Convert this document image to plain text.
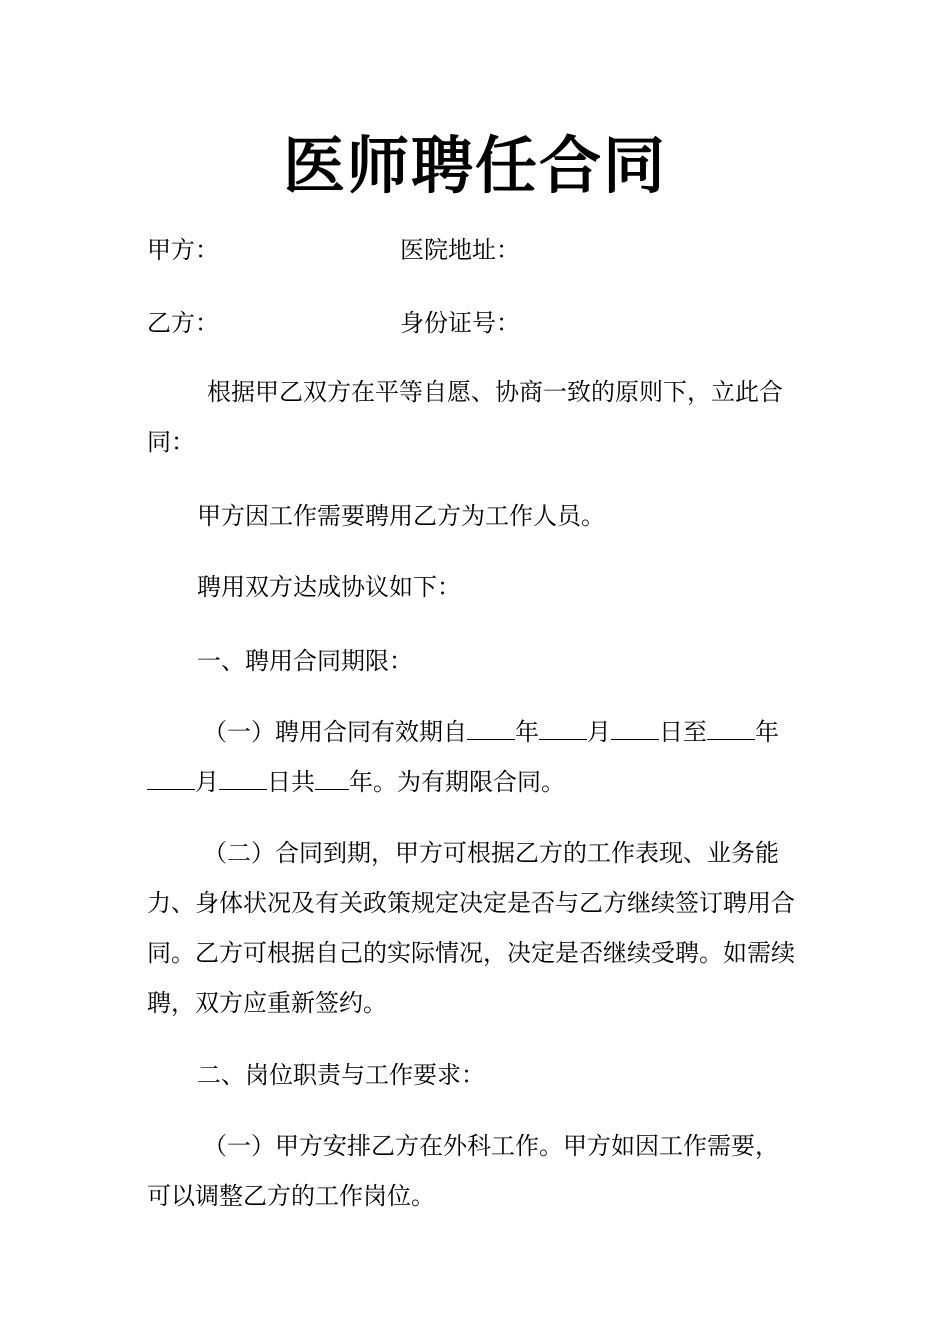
医师聘任合同
甲方：	医院地址：
乙方：	身份证号：

根据甲乙双方在平等自愿、协商一致的原则下，立此合同：

甲方因工作需要聘用乙方为工作人员。

聘用双方达成协议如下：

一、聘用合同期限：

（一）聘用合同有效期自 年 月 日至 年月 日共 年。为有期限合同。

（二）合同到期，甲方可根据乙方的工作表现、业务能力、身体状况及有关政策规定决定是否与乙方继续签订聘用合同。乙方可根据自己的实际情况，决定是否继续受聘。如需续聘，双方应重新签约。

二、岗位职责与工作要求：

（一）甲方安排乙方在外科工作。甲方如因工作需要，可以调整乙方的工作岗位。
